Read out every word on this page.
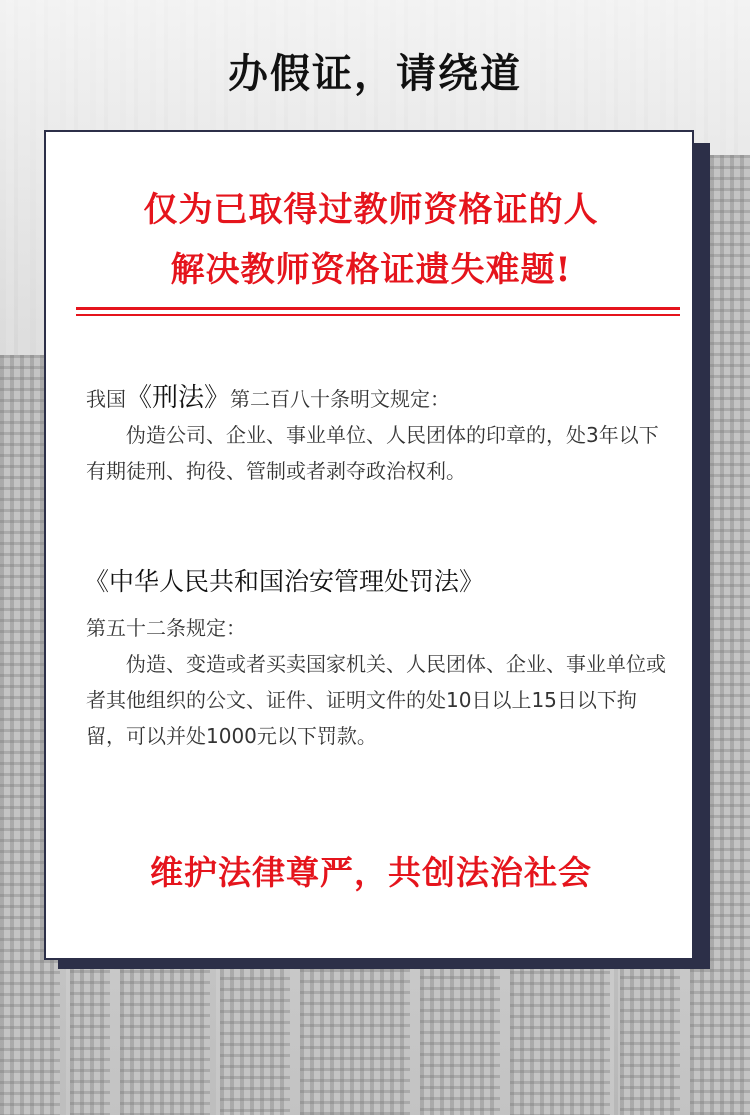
办假证，请绕道
仅为已取得过教师资格证的人
解决教师资格证遗失难题!
我国《刑法》第二百八十条明文规定：
伪造公司、企业、事业单位、人民团体的印章的，处3年以下有期徒刑、拘役、管制或者剥夺政治权利。
《中华人民共和国治安管理处罚法》
第五十二条规定：
伪造、变造或者买卖国家机关、人民团体、企业、事业单位或者其他组织的公文、证件、证明文件的处10日以上15日以下拘留，可以并处1000元以下罚款。
维护法律尊严，共创法治社会
